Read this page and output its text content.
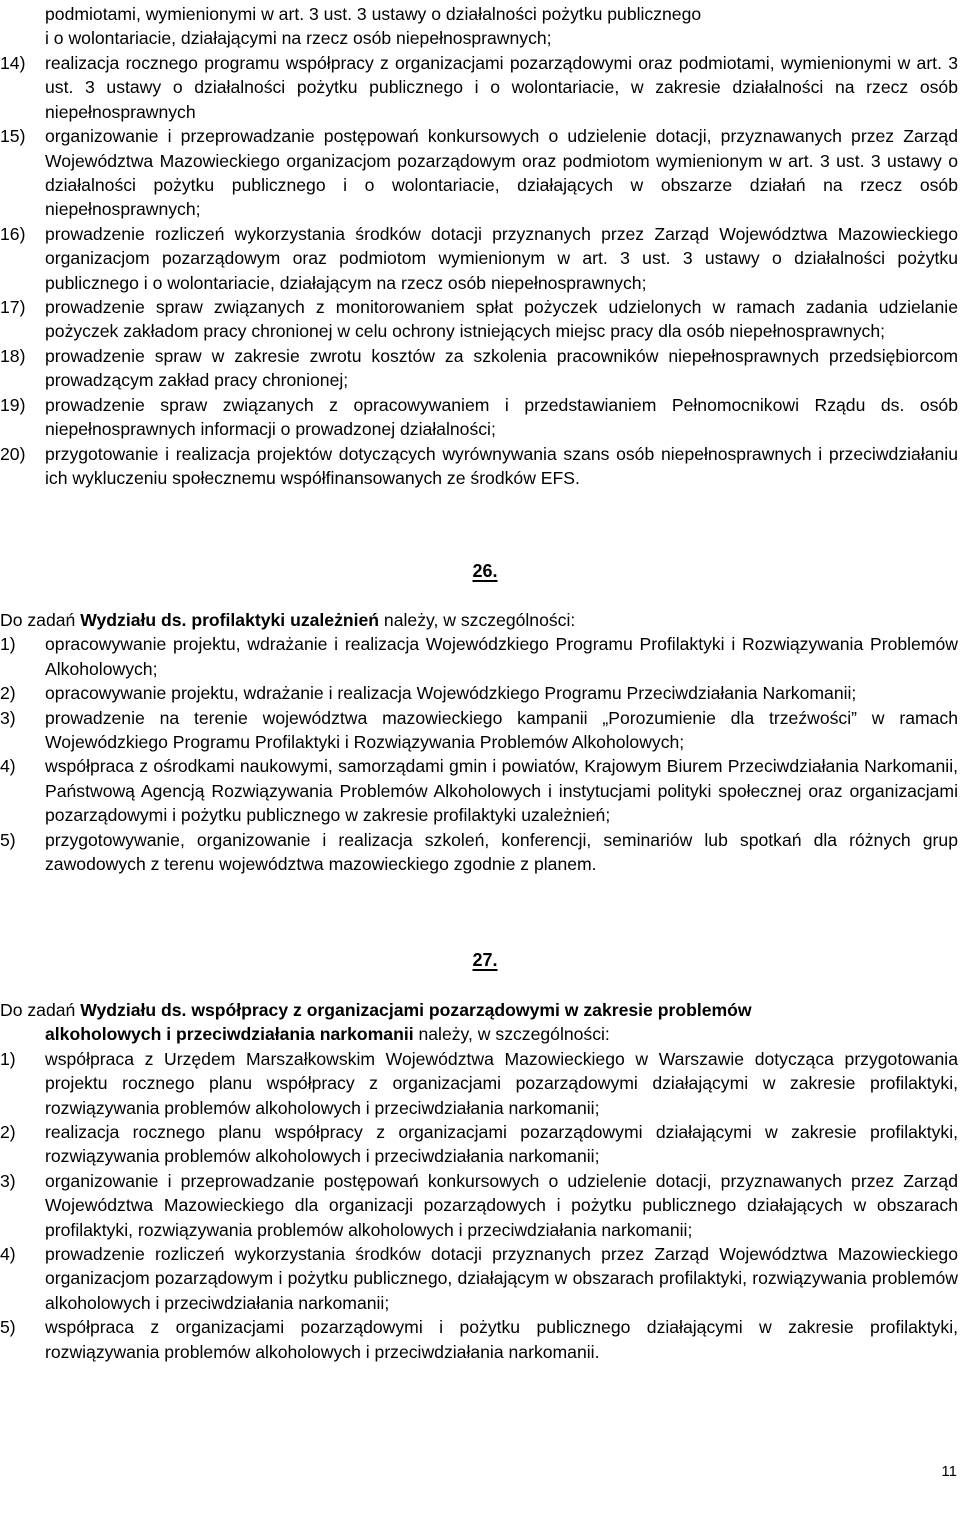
podmiotami, wymienionymi w art. 3 ust. 3 ustawy o działalności pożytku publicznego
i o wolontariacie, działającymi na rzecz osób niepełnosprawnych;
14)	realizacja rocznego programu współpracy z organizacjami pozarządowymi oraz podmiotami, wymienionymi w art. 3 ust. 3 ustawy o działalności pożytku publicznego i o wolontariacie, w zakresie działalności na rzecz osób niepełnosprawnych
15)	organizowanie i przeprowadzanie postępowań konkursowych o udzielenie dotacji, przyznawanych przez Zarząd Województwa Mazowieckiego organizacjom pozarządowym oraz podmiotom wymienionym w art. 3 ust. 3 ustawy o działalności pożytku publicznego i o wolontariacie, działających w obszarze działań na rzecz osób niepełnosprawnych;
16)	prowadzenie rozliczeń wykorzystania środków dotacji przyznanych przez Zarząd Województwa Mazowieckiego organizacjom pozarządowym oraz podmiotom wymienionym w art. 3 ust. 3 ustawy o działalności pożytku publicznego i o wolontariacie, działającym na rzecz osób niepełnosprawnych;
17)	prowadzenie spraw związanych z monitorowaniem spłat pożyczek udzielonych w ramach zadania udzielanie pożyczek zakładom pracy chronionej w celu ochrony istniejących miejsc pracy dla osób niepełnosprawnych;
18)	prowadzenie spraw w zakresie zwrotu kosztów za szkolenia pracowników niepełnosprawnych przedsiębiorcom prowadzącym zakład pracy chronionej;
19)	prowadzenie spraw związanych z opracowywaniem i przedstawianiem Pełnomocnikowi Rządu ds. osób niepełnosprawnych informacji o prowadzonej działalności;
20)	przygotowanie i realizacja projektów dotyczących wyrównywania szans osób niepełnosprawnych i przeciwdziałaniu ich wykluczeniu społecznemu współfinansowanych ze środków EFS.
26.
Do zadań Wydziału ds. profilaktyki uzależnień należy, w szczególności:
1)	opracowywanie projektu, wdrażanie i realizacja Wojewódzkiego Programu Profilaktyki i Rozwiązywania Problemów Alkoholowych;
2)	opracowywanie projektu, wdrażanie i realizacja Wojewódzkiego Programu Przeciwdziałania Narkomanii;
3)	prowadzenie na terenie województwa mazowieckiego kampanii „Porozumienie dla trzeźwości” w ramach Wojewódzkiego Programu Profilaktyki i Rozwiązywania Problemów Alkoholowych;
4)	współpraca z ośrodkami naukowymi, samorządami gmin i powiatów, Krajowym Biurem Przeciwdziałania Narkomanii, Państwową Agencją Rozwiązywania Problemów Alkoholowych i instytucjami polityki społecznej oraz organizacjami pozarządowymi i pożytku publicznego w zakresie profilaktyki uzależnień;
5)	przygotowywanie, organizowanie i realizacja szkoleń, konferencji, seminariów lub spotkań dla różnych grup zawodowych z terenu województwa mazowieckiego zgodnie z planem.
27.
Do zadań Wydziału ds. współpracy z organizacjami pozarządowymi w zakresie problemów
alkoholowych i przeciwdziałania narkomanii należy, w szczególności:
1)	współpraca z Urzędem Marszałkowskim Województwa Mazowieckiego w Warszawie dotycząca przygotowania projektu rocznego planu współpracy z organizacjami pozarządowymi działającymi w zakresie profilaktyki, rozwiązywania problemów alkoholowych i przeciwdziałania narkomanii;
2)	realizacja rocznego planu współpracy z organizacjami pozarządowymi działającymi w zakresie profilaktyki, rozwiązywania problemów alkoholowych i przeciwdziałania narkomanii;
3)	organizowanie i przeprowadzanie postępowań konkursowych o udzielenie dotacji, przyznawanych przez Zarząd Województwa Mazowieckiego dla organizacji pozarządowych i pożytku publicznego działających w obszarach profilaktyki, rozwiązywania problemów alkoholowych i przeciwdziałania narkomanii;
4)	prowadzenie rozliczeń wykorzystania środków dotacji przyznanych przez Zarząd Województwa Mazowieckiego organizacjom pozarządowym i pożytku publicznego, działającym w obszarach profilaktyki, rozwiązywania problemów alkoholowych i przeciwdziałania narkomanii;
5)	współpraca z organizacjami pozarządowymi i pożytku publicznego działającymi w zakresie profilaktyki, rozwiązywania problemów alkoholowych i przeciwdziałania narkomanii.
11
